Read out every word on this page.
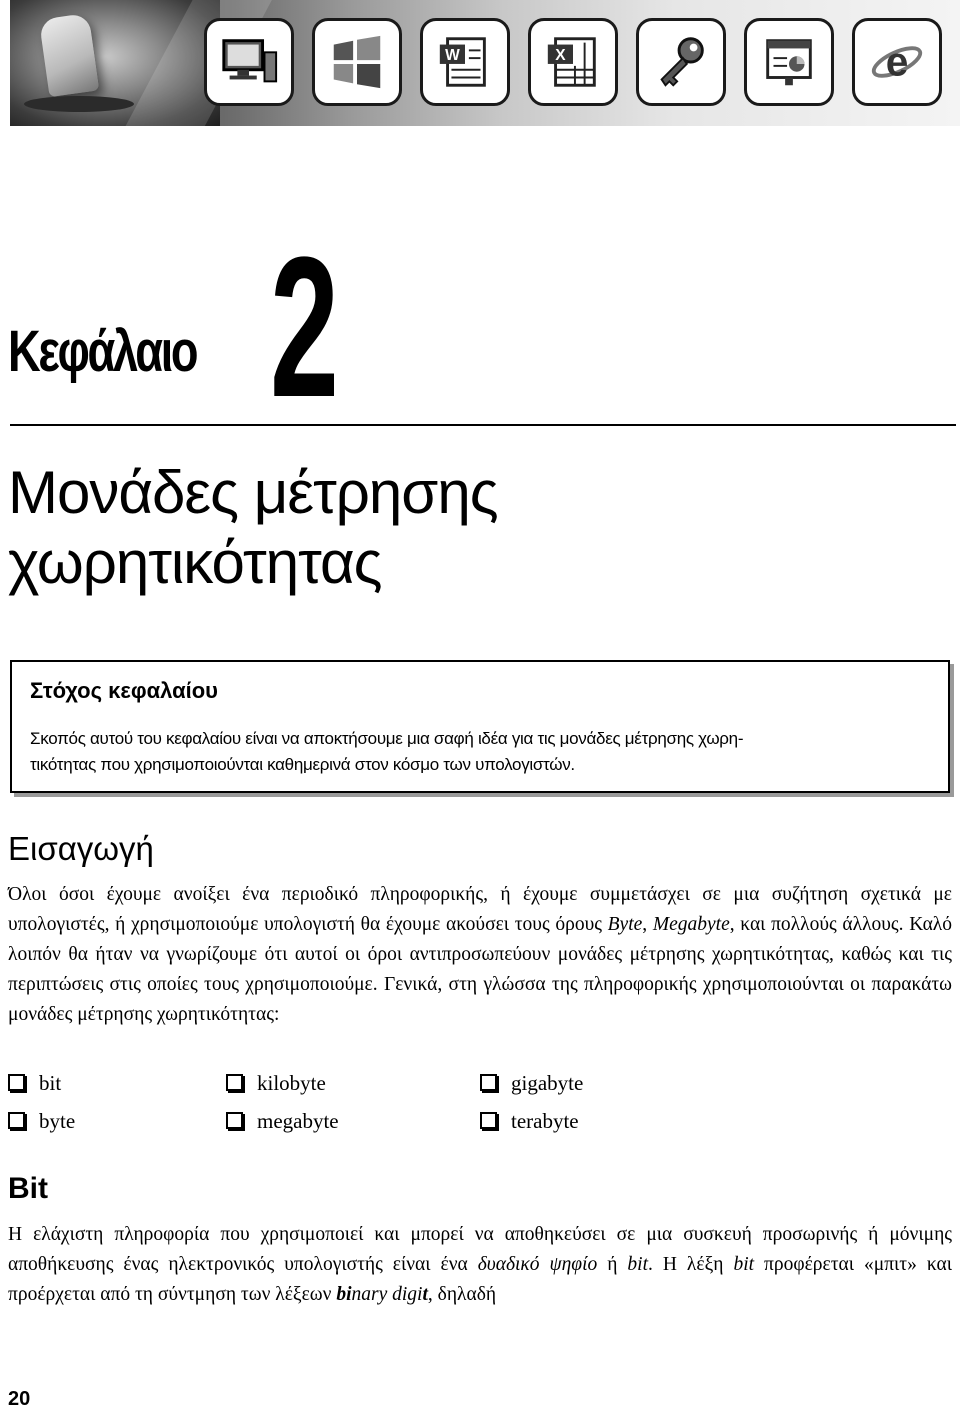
W	X	e
Κεφάλαιο 2
Μονάδες μέτρησης
χωρητικότητας
Στόχος κεφαλαίου
Σκοπός αυτού του κεφαλαίου είναι να αποκτήσουμε μια σαφή ιδέα για τις μονάδες μέτρησης χωρη-
τικότητας που χρησιμοποιούνται καθημερινά στον κόσμο των υπολογιστών.
Εισαγωγή
Όλοι όσοι έχουμε ανοίξει ένα περιοδικό πληροφορικής, ή έχουμε συμμετάσχει σε μια συζήτηση σχετικά με υπολογιστές, ή χρησιμοποιούμε υπολογιστή θα έχουμε ακούσει τους όρους Byte, Megabyte, και πολλούς άλλους. Καλό λοιπόν θα ήταν να γνωρίζουμε ότι αυτοί οι όροι αντιπροσωπεύουν μονάδες μέτρησης χωρητικότητας, καθώς και τις περιπτώσεις στις οποίες τους χρησιμοποιούμε. Γενικά, στη γλώσσα της πληροφορικής χρησιμοποιούνται οι παρακάτω μονάδες μέτρησης χωρητικότητας:
bit
byte
kilobyte
megabyte
gigabyte
terabyte
Bit
Η ελάχιστη πληροφορία που χρησιμοποιεί και μπορεί να αποθηκεύσει σε μια συσκευή προσωρινής ή μόνιμης αποθήκευσης ένας ηλεκτρονικός υπολογιστής είναι ένα δυαδικό ψηφίο ή bit. Η λέξη bit προφέρεται «μπιτ» και προέρχεται από τη σύντμηση των λέξεων binary digit, δηλαδή
20
